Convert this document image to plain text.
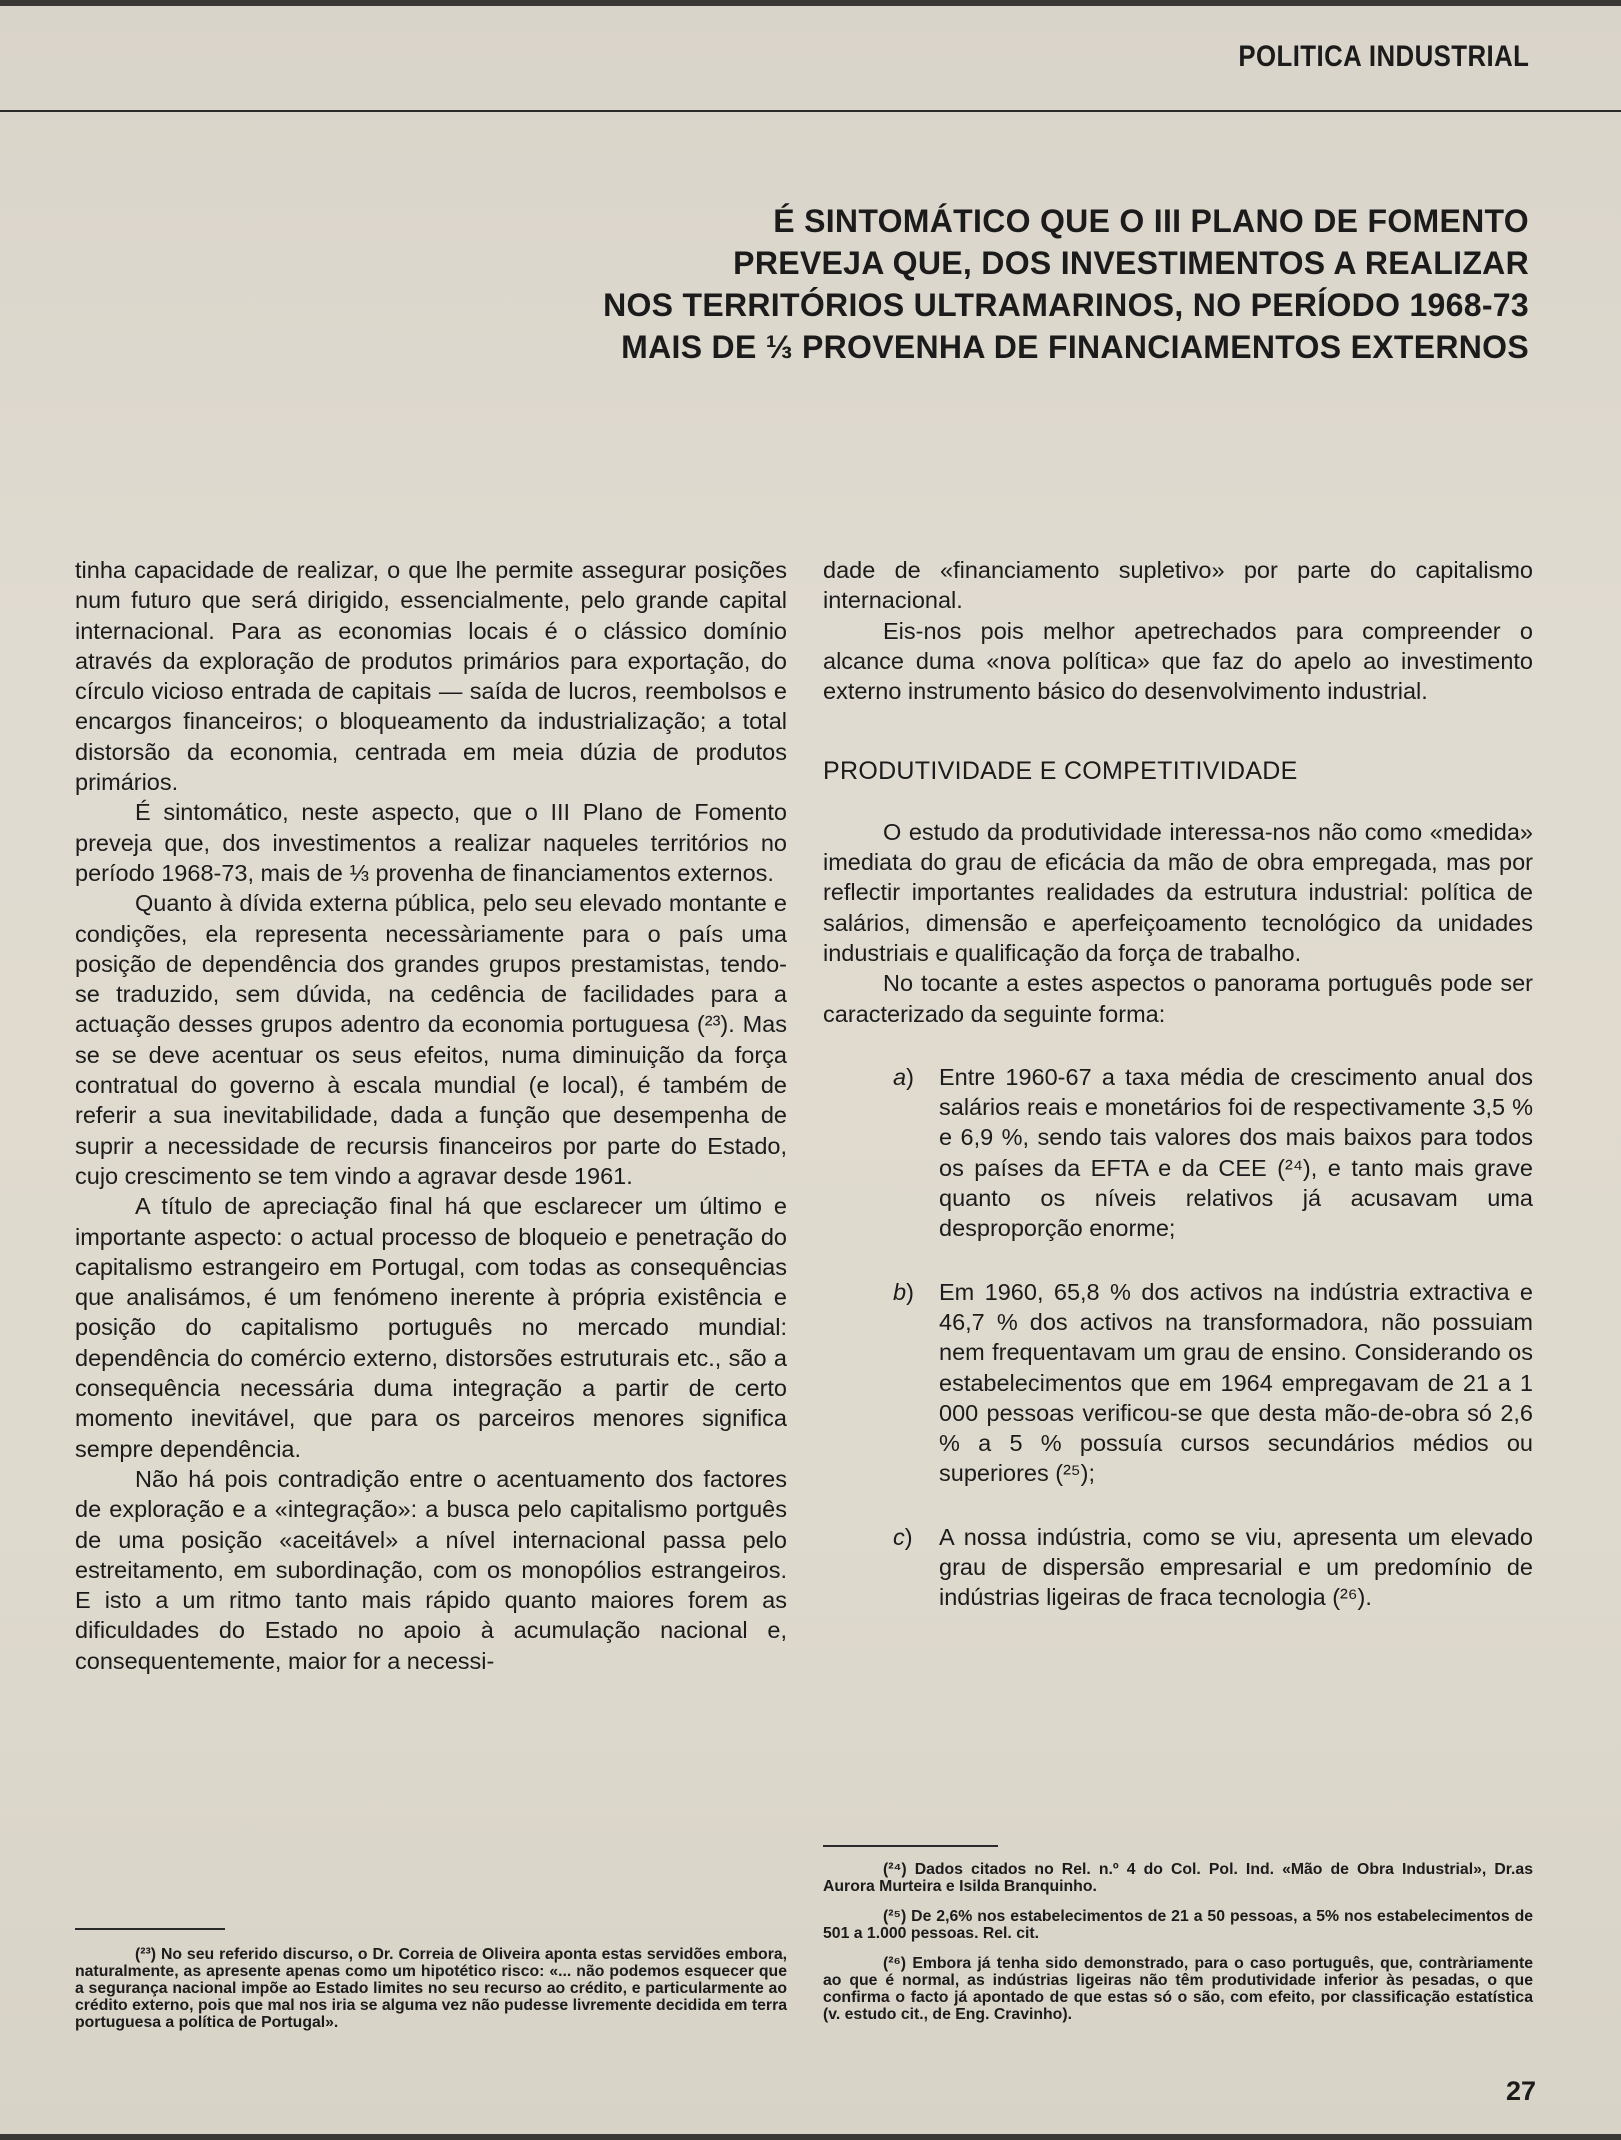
POLITICA INDUSTRIAL
É SINTOMÁTICO QUE O III PLANO DE FOMENTO
PREVEJA QUE, DOS INVESTIMENTOS A REALIZAR
NOS TERRITÓRIOS ULTRAMARINOS, NO PERÍODO 1968-73
MAIS DE ⅓ PROVENHA DE FINANCIAMENTOS EXTERNOS

tinha capacidade de realizar, o que lhe permite assegurar posições num futuro que será dirigido, essencialmente, pelo grande capital internacional. Para as economias locais é o clássico domínio através da exploração de produtos primários para exportação, do círculo vicioso entrada de capitais — saída de lucros, reembolsos e encargos financeiros; o bloqueamento da industrialização; a total distorsão da economia, centrada em meia dúzia de produtos primários.

É sintomático, neste aspecto, que o III Plano de Fomento preveja que, dos investimentos a realizar naqueles territórios no período 1968-73, mais de ⅓ provenha de financiamentos externos.

Quanto à dívida externa pública, pelo seu elevado montante e condições, ela representa necessàriamente para o país uma posição de dependência dos grandes grupos prestamistas, tendo-se traduzido, sem dúvida, na cedência de facilidades para a actuação desses grupos adentro da economia portuguesa (²³). Mas se se deve acentuar os seus efeitos, numa diminuição da força contratual do governo à escala mundial (e local), é também de referir a sua inevitabilidade, dada a função que desempenha de suprir a necessidade de recursis financeiros por parte do Estado, cujo crescimento se tem vindo a agravar desde 1961.

A título de apreciação final há que esclarecer um último e importante aspecto: o actual processo de bloqueio e penetração do capitalismo estrangeiro em Portugal, com todas as consequências que analisámos, é um fenómeno inerente à própria existência e posição do capitalismo português no mercado mundial: dependência do comércio externo, distorsões estruturais etc., são a consequência necessária duma integração a partir de certo momento inevitável, que para os parceiros menores significa sempre dependência.

Não há pois contradição entre o acentuamento dos factores de exploração e a «integração»: a busca pelo capitalismo portguês de uma posição «aceitável» a nível internacional passa pelo estreitamento, em subordinação, com os monopólios estrangeiros. E isto a um ritmo tanto mais rápido quanto maiores forem as dificuldades do Estado no apoio à acumulação nacional e, consequentemente, maior for a necessi-

dade de «financiamento supletivo» por parte do capitalismo internacional.

Eis-nos pois melhor apetrechados para compreender o alcance duma «nova política» que faz do apelo ao investimento externo instrumento básico do desenvolvimento industrial.

PRODUTIVIDADE E COMPETITIVIDADE

O estudo da produtividade interessa-nos não como «medida» imediata do grau de eficácia da mão de obra empregada, mas por reflectir importantes realidades da estrutura industrial: política de salários, dimensão e aperfeiçoamento tecnológico da unidades industriais e qualificação da força de trabalho.

No tocante a estes aspectos o panorama português pode ser caracterizado da seguinte forma:

a) Entre 1960-67 a taxa média de crescimento anual dos salários reais e monetários foi de respectivamente 3,5 % e 6,9 %, sendo tais valores dos mais baixos para todos os países da EFTA e da CEE (²⁴), e tanto mais grave quanto os níveis relativos já acusavam uma desproporção enorme;

b) Em 1960, 65,8 % dos activos na indústria extractiva e 46,7 % dos activos na transformadora, não possuiam nem frequentavam um grau de ensino. Considerando os estabelecimentos que em 1964 empregavam de 21 a 1 000 pessoas verificou-se que desta mão-de-obra só 2,6 % a 5 % possuía cursos secundários médios ou superiores (²⁵);

c) A nossa indústria, como se viu, apresenta um elevado grau de dispersão empresarial e um predomínio de indústrias ligeiras de fraca tecnologia (²⁶).

(²³) No seu referido discurso, o Dr. Correia de Oliveira aponta estas servidões embora, naturalmente, as apresente apenas como um hipotético risco: «... não podemos esquecer que a segurança nacional impõe ao Estado limites no seu recurso ao crédito, e particularmente ao crédito externo, pois que mal nos iria se alguma vez não pudesse livremente decidida em terra portuguesa a política de Portugal».
(²⁴) Dados citados no Rel. n.º 4 do Col. Pol. Ind. «Mão de Obra Industrial», Dr.as Aurora Murteira e Isilda Branquinho.
(²⁵) De 2,6% nos estabelecimentos de 21 a 50 pessoas, a 5% nos estabelecimentos de 501 a 1.000 pessoas. Rel. cit.
(²⁶) Embora já tenha sido demonstrado, para o caso português, que, contràriamente ao que é normal, as indústrias ligeiras não têm produtividade inferior às pesadas, o que confirma o facto já apontado de que estas só o são, com efeito, por classificação estatística (v. estudo cit., de Eng. Cravinho).
27
